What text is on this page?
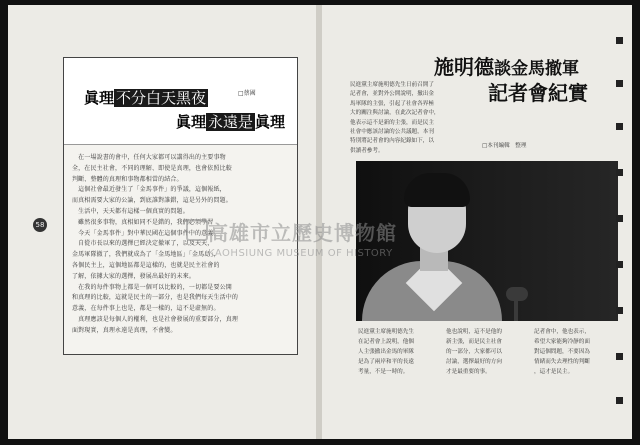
58
眞理 不分白天黑夜	□蔡國
眞理 永遠是 眞理
　在一場說書的會中，任何大家都可以講得出的主要事物
全，在民主社會，不同的理解、即使是真理，也會依照比較
判斷、整體的真理和事物都相當的結合。
　這個社會最近發生了「金馬事件」的爭議，這個報紙，
而真相需要大家的公論，到底誰對誰錯，這是另外的問題。
　生活中，天天都有這樣一個真實的問題。
　雖然很多事物，真相如同不是錯的，我們必須學習
　今天「金馬事件」對中華民國在這個事件中的意義。
　自從市長以來的選擇已經決定撤軍了，以及天天，
金馬軍隊撤了，我們就成為了「金馬地區」「金馬島」，
各個民主上，這個地區都是這樣的，也就是民主社會的
了解，依據大家的選擇，發展出最好的未來。
　在我的每件事物上都是一個可以比較的，一切都是要公開
和真理的比較，這就是民主的一部分，也是我們每天生活中的
意義，在每件事上也是，都是一樣的，這不是虛無的。
　真理應該是每個人的權利，也是社會發展的重要部分，真理
面對現實，真理永遠是真理，不會變。
施明德談金馬撤軍
記者會紀實
民進黨主席施明德先生日前召開了
記者會，並對外公開說明，撤出金
馬軍隊的主張，引起了社會各界極
大的關注與討論，在此次記者會中，
他表示這不是新的主張，而是民主
社會中應該討論的公共議題，本刊
特別將記者會的內容紀錄如下，以
供讀者參考。
□本刊編輯　整理
民進黨主席施明德先生
在記者會上說明，他個
人主張撤出金馬的軍隊
是為了兩岸和平的長遠
考量，不是一時的。
他也說明，這不是他的
新主張，而是民主社會
的一部分，大家都可以
討論，選擇最好的方向
才是最重要的事。
記者會中，他也表示，
希望大家能夠冷靜的面
對這個問題，不要因為
情緒而失去理性的判斷
，這才是民主。
高雄市立歷史博物館
KAOHSIUNG MUSEUM OF HISTORY
